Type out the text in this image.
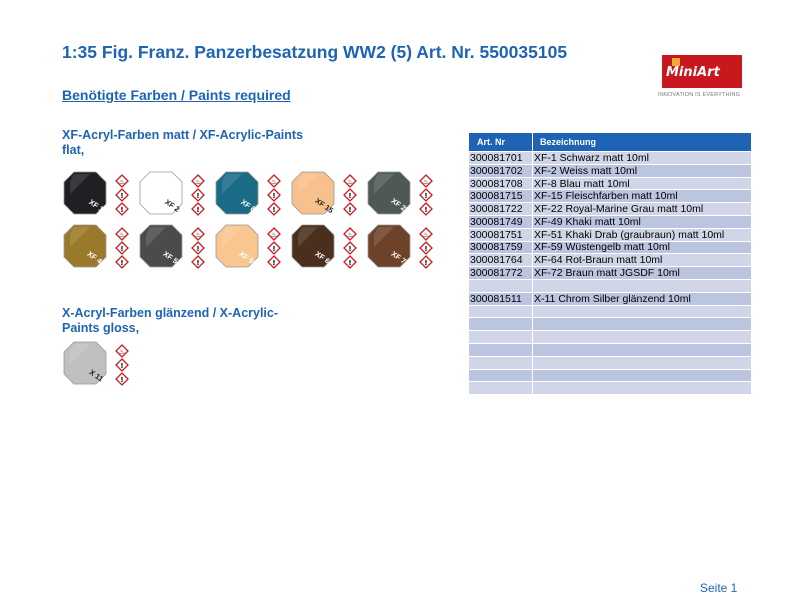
1:35 Fig. Franz. Panzerbesatzung WW2 (5) Art. Nr. 550035105
Benötigte Farben / Paints required
MiniArt
INNOVATION IS EVERYTHING
XF-Acryl-Farben matt / XF-Acrylic-Paints
flat,
♨
!
!
XF 1
♨
!
!
XF 2
♨
!
!
XF 8
♨
!
!
XF 15
♨
!
!
XF 22
♨
!
!
XF 49
♨
!
!
XF 51
♨
!
!
XF 59
♨
!
!
XF 64
♨
!
!
XF 72
X-Acryl-Farben glänzend / X-Acrylic-
Paints gloss,
♨
!
!
X 11
Art. Nr	Bezeichnung
300081701	XF-1 Schwarz matt 10ml
300081702	XF-2 Weiss matt 10ml
300081708	XF-8 Blau matt 10ml
300081715	XF-15 Fleischfarben matt 10ml
300081722	XF-22 Royal-Marine Grau matt 10ml
300081749	XF-49 Khaki matt 10ml
300081751	XF-51 Khaki Drab (graubraun) matt 10ml
300081759	XF-59 Wüstengelb matt 10ml
300081764	XF-64 Rot-Braun matt 10ml
300081772	XF-72 Braun matt JGSDF 10ml
300081511	X-11 Chrom Silber glänzend 10ml
Seite 1
